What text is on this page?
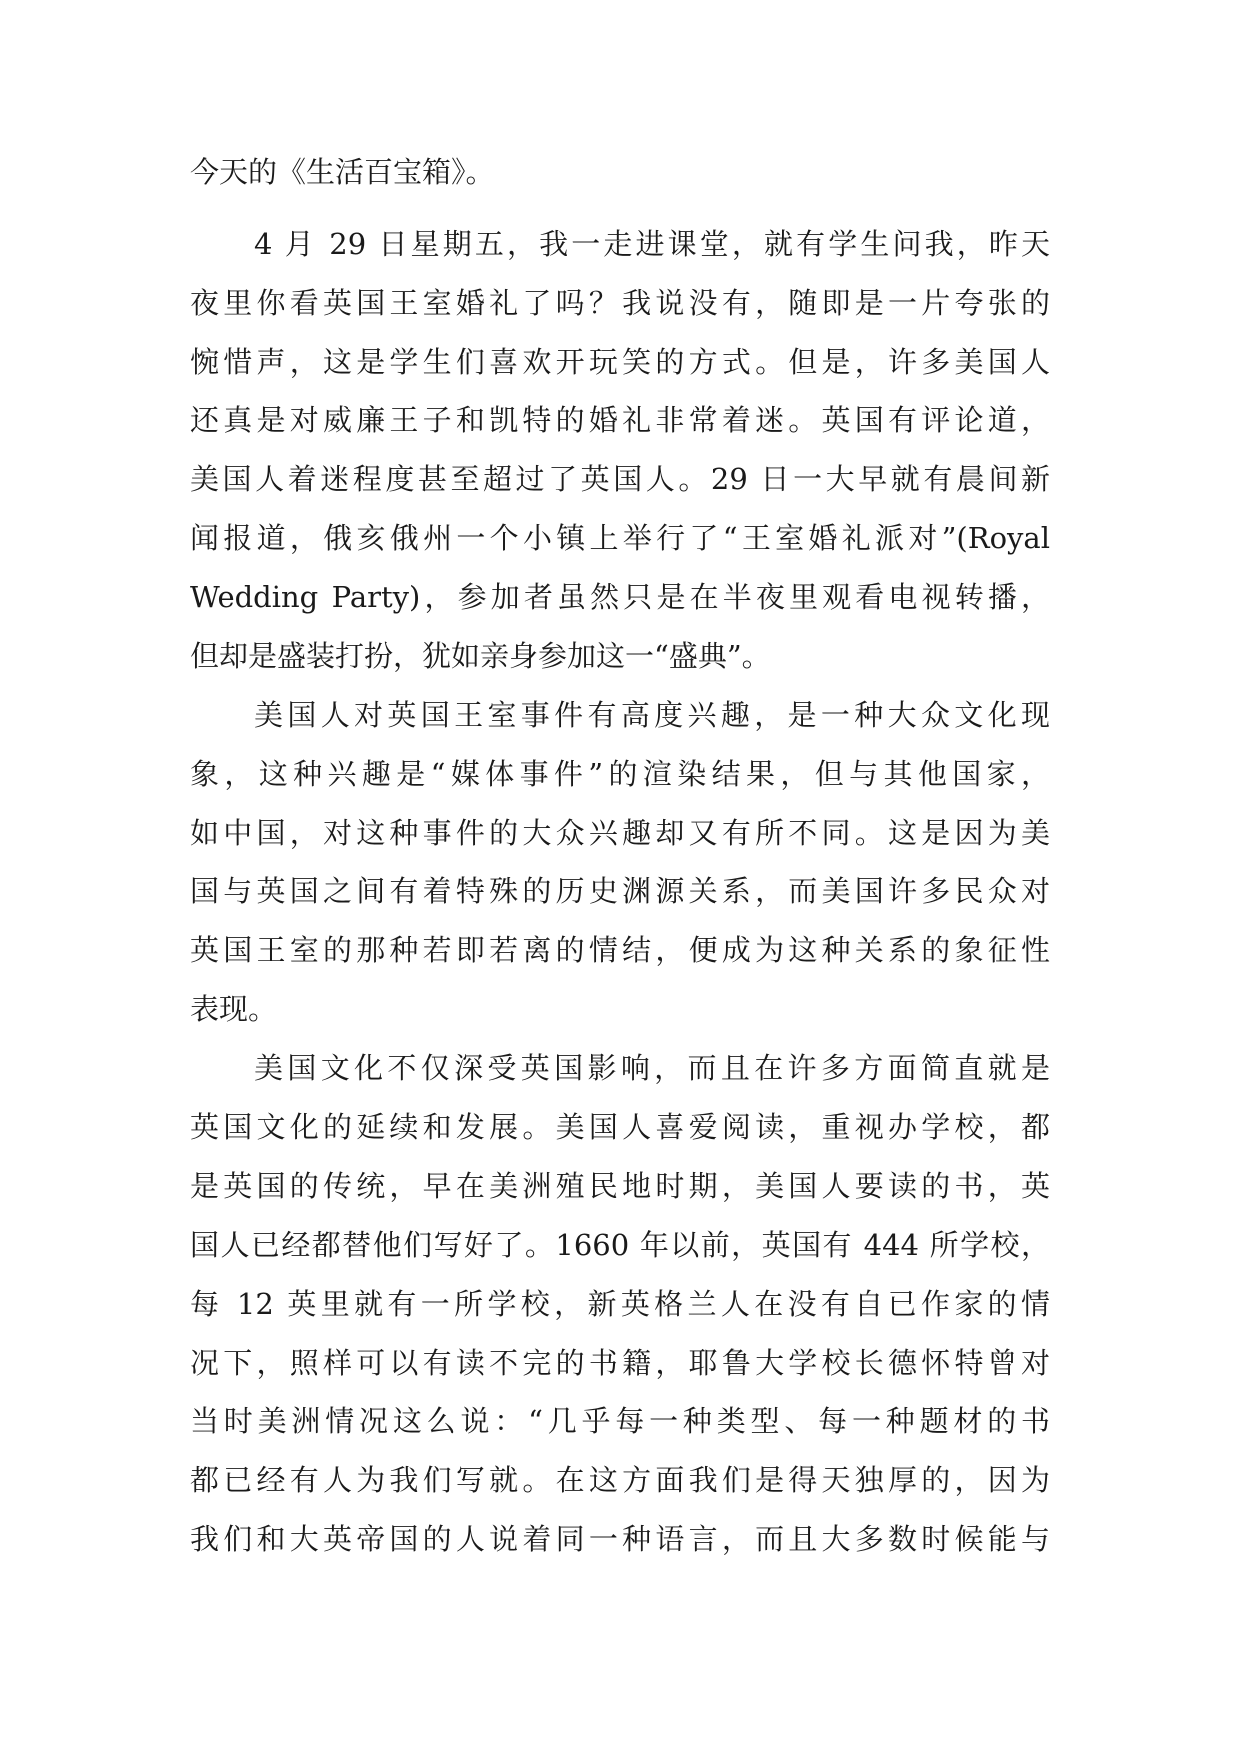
今天的《生活百宝箱》。

4 月 29 日星期五，我一走进课堂，就有学生问我，昨天

夜里你看英国王室婚礼了吗？我说没有，随即是一片夸张的

惋惜声，这是学生们喜欢开玩笑的方式。但是，许多美国人

还真是对威廉王子和凯特的婚礼非常着迷。英国有评论道，

美国人着迷程度甚至超过了英国人。29 日一大早就有晨间新

闻报道，俄亥俄州一个小镇上举行了“王室婚礼派对”(Royal

Wedding Party)，参加者虽然只是在半夜里观看电视转播，

但却是盛装打扮，犹如亲身参加这一“盛典”。

美国人对英国王室事件有高度兴趣，是一种大众文化现

象，这种兴趣是“媒体事件”的渲染结果，但与其他国家，

如中国，对这种事件的大众兴趣却又有所不同。这是因为美

国与英国之间有着特殊的历史渊源关系，而美国许多民众对

英国王室的那种若即若离的情结，便成为这种关系的象征性

表现。

美国文化不仅深受英国影响，而且在许多方面简直就是

英国文化的延续和发展。美国人喜爱阅读，重视办学校，都

是英国的传统，早在美洲殖民地时期，美国人要读的书，英

国人已经都替他们写好了。1660 年以前，英国有 444 所学校，

每 12 英里就有一所学校，新英格兰人在没有自已作家的情

况下，照样可以有读不完的书籍，耶鲁大学校长德怀特曾对

当时美洲情况这么说：“几乎每一种类型、每一种题材的书

都已经有人为我们写就。在这方面我们是得天独厚的，因为

我们和大英帝国的人说着同一种语言，而且大多数时候能与
